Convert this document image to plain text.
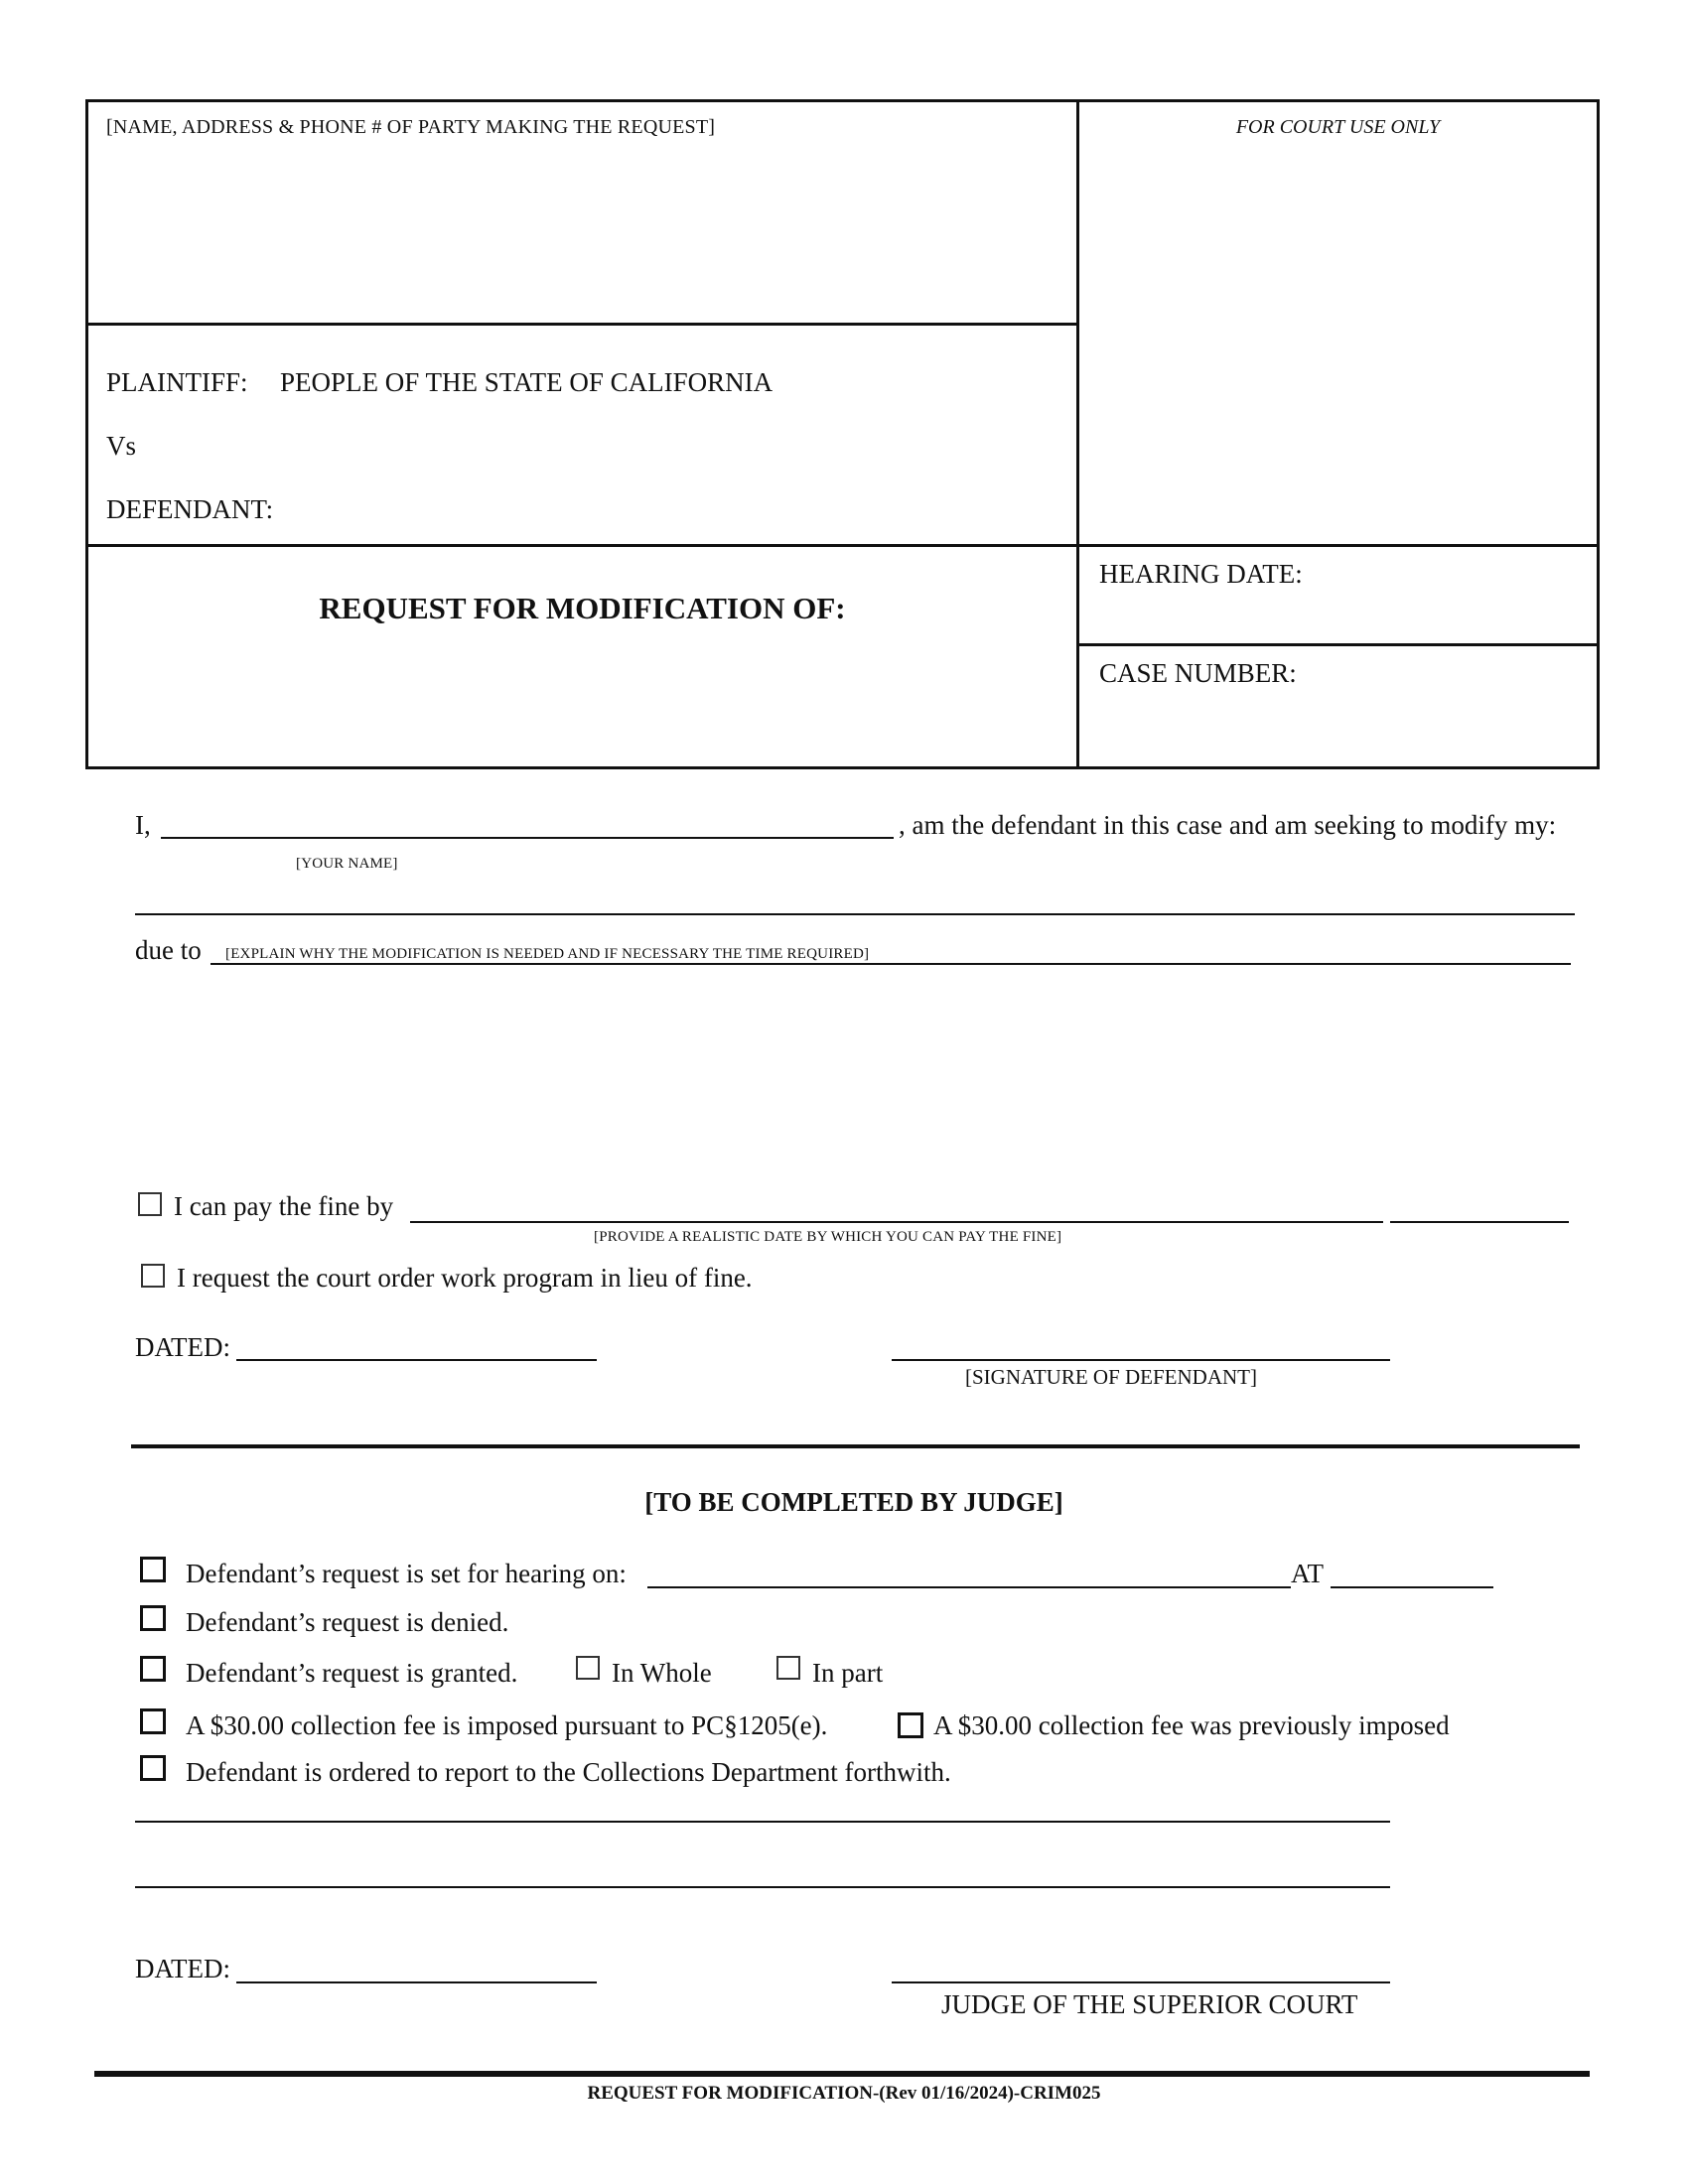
[NAME, ADDRESS & PHONE # OF PARTY MAKING THE REQUEST]	FOR COURT USE ONLY
PLAINTIFF: PEOPLE OF THE STATE OF CALIFORNIA
Vs
DEFENDANT:
REQUEST FOR MODIFICATION OF:
HEARING DATE:
CASE NUMBER:
I,	, am the defendant in this case and am seeking to modify my:
[YOUR NAME]
due to [EXPLAIN WHY THE MODIFICATION IS NEEDED AND IF NECESSARY THE TIME REQUIRED]
I can pay the fine by
[PROVIDE A REALISTIC DATE BY WHICH YOU CAN PAY THE FINE]
I request the court order work program in lieu of fine.
DATED:
[SIGNATURE OF DEFENDANT]
[TO BE COMPLETED BY JUDGE]
Defendant’s request is set for hearing on:	AT
Defendant’s request is denied.
Defendant’s request is granted.	In Whole	In part
A $30.00 collection fee is imposed pursuant to PC§1205(e).	A $30.00 collection fee was previously imposed
Defendant is ordered to report to the Collections Department forthwith.
DATED:
JUDGE OF THE SUPERIOR COURT
REQUEST FOR MODIFICATION-(Rev 01/16/2024)-CRIM025
